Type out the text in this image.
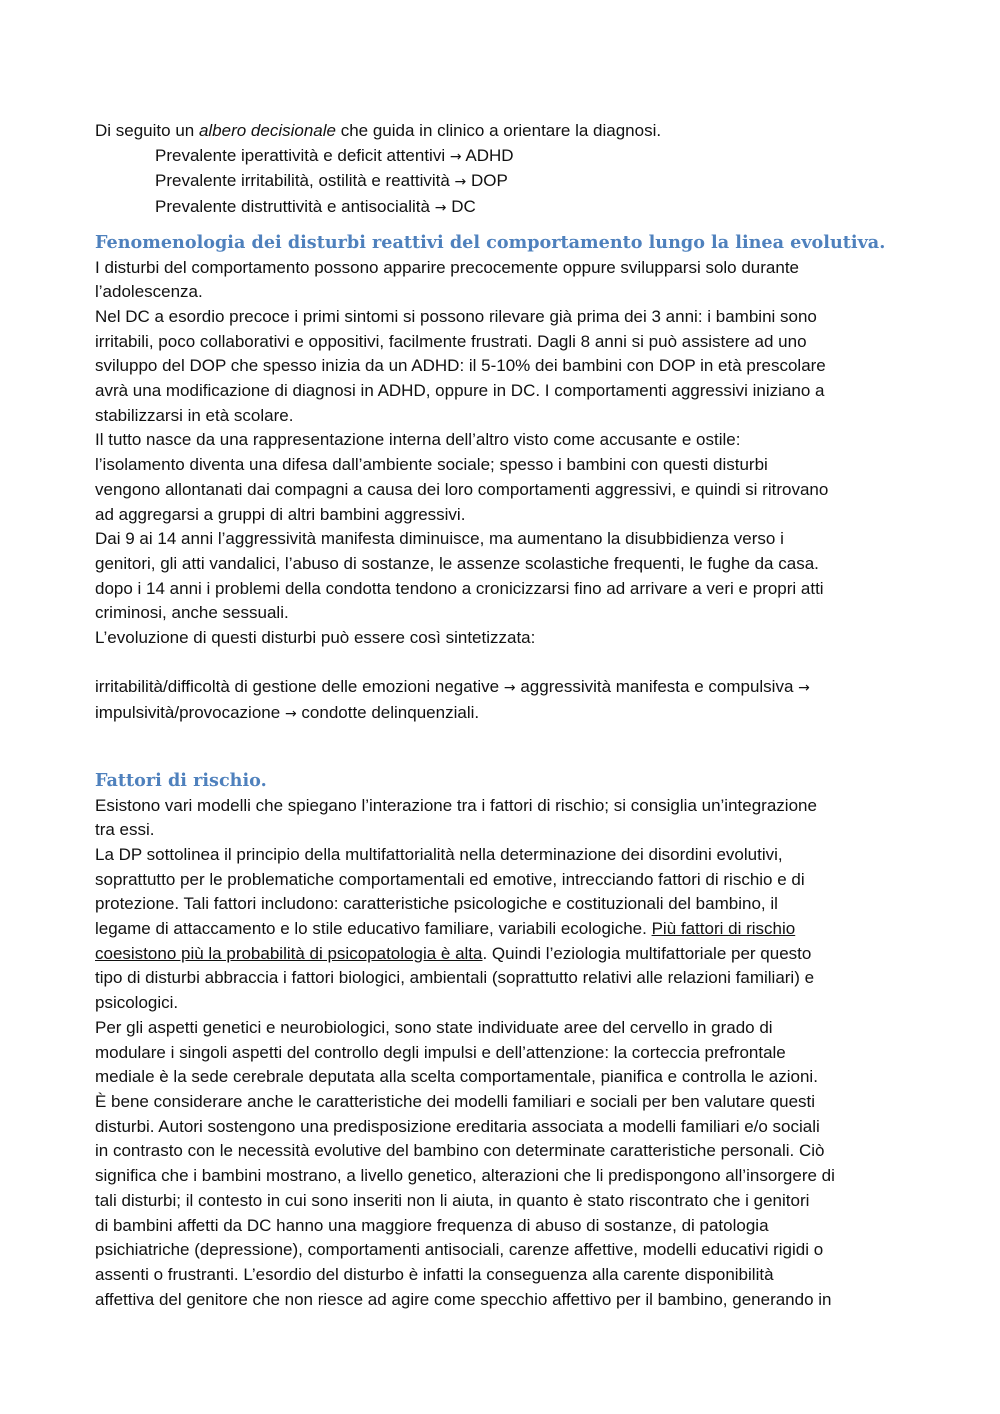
Di seguito un albero decisionale che guida in clinico a orientare la diagnosi.
Prevalente iperattività e deficit attentivi → ADHD
Prevalente irritabilità, ostilità e reattività → DOP
Prevalente distruttività e antisocialità → DC
Fenomenologia dei disturbi reattivi del comportamento lungo la linea evolutiva.
I disturbi del comportamento possono apparire precocemente oppure svilupparsi solo durante
l’adolescenza.
Nel DC a esordio precoce i primi sintomi si possono rilevare già prima dei 3 anni: i bambini sono
irritabili, poco collaborativi e oppositivi, facilmente frustrati. Dagli 8 anni si può assistere ad uno
sviluppo del DOP che spesso inizia da un ADHD: il 5-10% dei bambini con DOP in età prescolare
avrà una modificazione di diagnosi in ADHD, oppure in DC. I comportamenti aggressivi iniziano a
stabilizzarsi in età scolare.
Il tutto nasce da una rappresentazione interna dell’altro visto come accusante e ostile:
l’isolamento diventa una difesa dall’ambiente sociale; spesso i bambini con questi disturbi
vengono allontanati dai compagni a causa dei loro comportamenti aggressivi, e quindi si ritrovano
ad aggregarsi a gruppi di altri bambini aggressivi.
Dai 9 ai 14 anni l’aggressività manifesta diminuisce, ma aumentano la disubbidienza verso i
genitori, gli atti vandalici, l’abuso di sostanze, le assenze scolastiche frequenti, le fughe da casa.
dopo i 14 anni i problemi della condotta tendono a cronicizzarsi fino ad arrivare a veri e propri atti
criminosi, anche sessuali.
L’evoluzione di questi disturbi può essere così sintetizzata:
irritabilità/difficoltà di gestione delle emozioni negative → aggressività manifesta e compulsiva →
impulsività/provocazione → condotte delinquenziali.
Fattori di rischio.
Esistono vari modelli che spiegano l’interazione tra i fattori di rischio; si consiglia un’integrazione
tra essi.
La DP sottolinea il principio della multifattorialità nella determinazione dei disordini evolutivi,
soprattutto per le problematiche comportamentali ed emotive, intrecciando fattori di rischio e di
protezione. Tali fattori includono: caratteristiche psicologiche e costituzionali del bambino, il
legame di attaccamento e lo stile educativo familiare, variabili ecologiche. Più fattori di rischio
coesistono più la probabilità di psicopatologia è alta. Quindi l’eziologia multifattoriale per questo
tipo di disturbi abbraccia i fattori biologici, ambientali (soprattutto relativi alle relazioni familiari) e
psicologici.
Per gli aspetti genetici e neurobiologici, sono state individuate aree del cervello in grado di
modulare i singoli aspetti del controllo degli impulsi e dell’attenzione: la corteccia prefrontale
mediale è la sede cerebrale deputata alla scelta comportamentale, pianifica e controlla le azioni.
È bene considerare anche le caratteristiche dei modelli familiari e sociali per ben valutare questi
disturbi. Autori sostengono una predisposizione ereditaria associata a modelli familiari e/o sociali
in contrasto con le necessità evolutive del bambino con determinate caratteristiche personali. Ciò
significa che i bambini mostrano, a livello genetico, alterazioni che li predispongono all’insorgere di
tali disturbi; il contesto in cui sono inseriti non li aiuta, in quanto è stato riscontrato che i genitori
di bambini affetti da DC hanno una maggiore frequenza di abuso di sostanze, di patologia
psichiatriche (depressione), comportamenti antisociali, carenze affettive, modelli educativi rigidi o
assenti o frustranti. L’esordio del disturbo è infatti la conseguenza alla carente disponibilità
affettiva del genitore che non riesce ad agire come specchio affettivo per il bambino, generando in
